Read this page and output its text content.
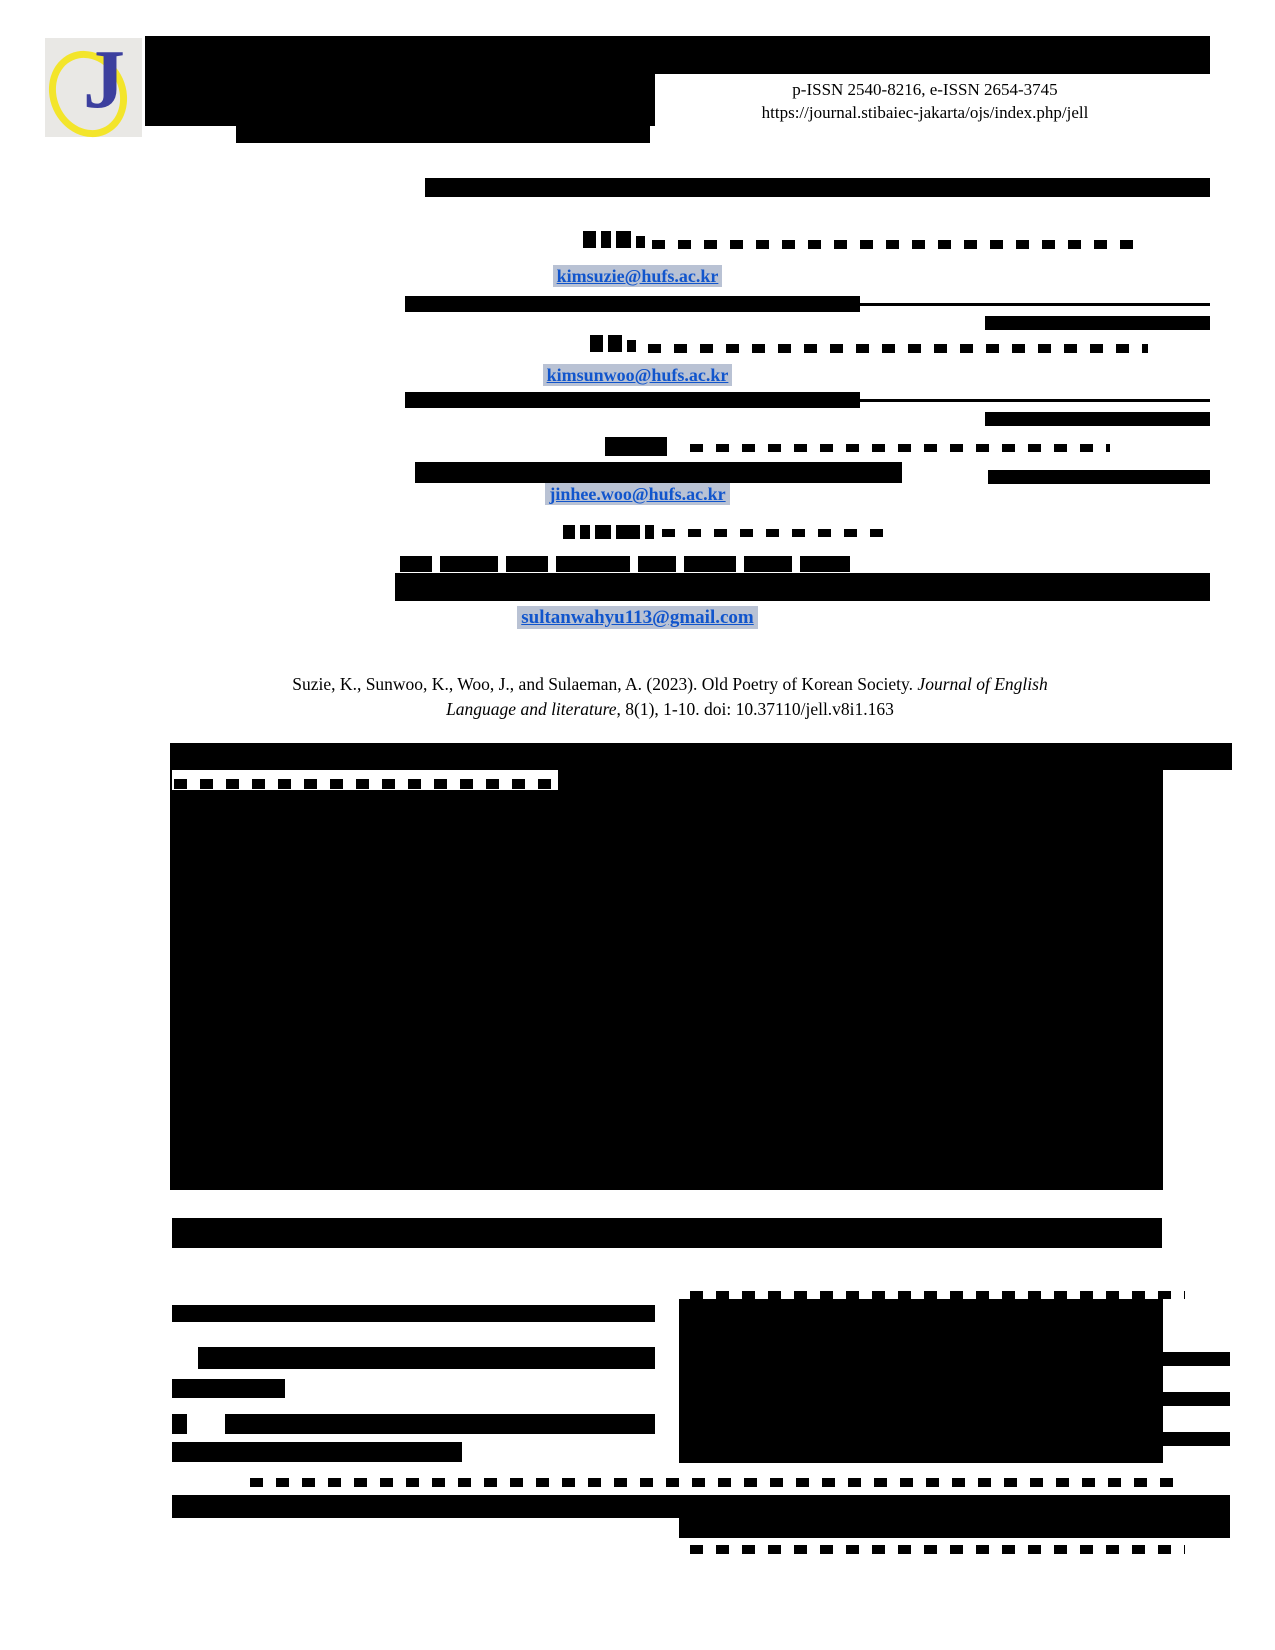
J	p-ISSN 2540-8216, e-ISSN 2654-3745
https://journal.stibaiec-jakarta/ojs/index.php/jell
kimsuzie@hufs.ac.kr
kimsunwoo@hufs.ac.kr
jinhee.woo@hufs.ac.kr
sultanwahyu113@gmail.com
Suzie, K., Sunwoo, K., Woo, J., and Sulaeman, A. (2023). Old Poetry of Korean Society. Journal of English
Language and literature, 8(1), 1-10. doi: 10.37110/jell.v8i1.163
